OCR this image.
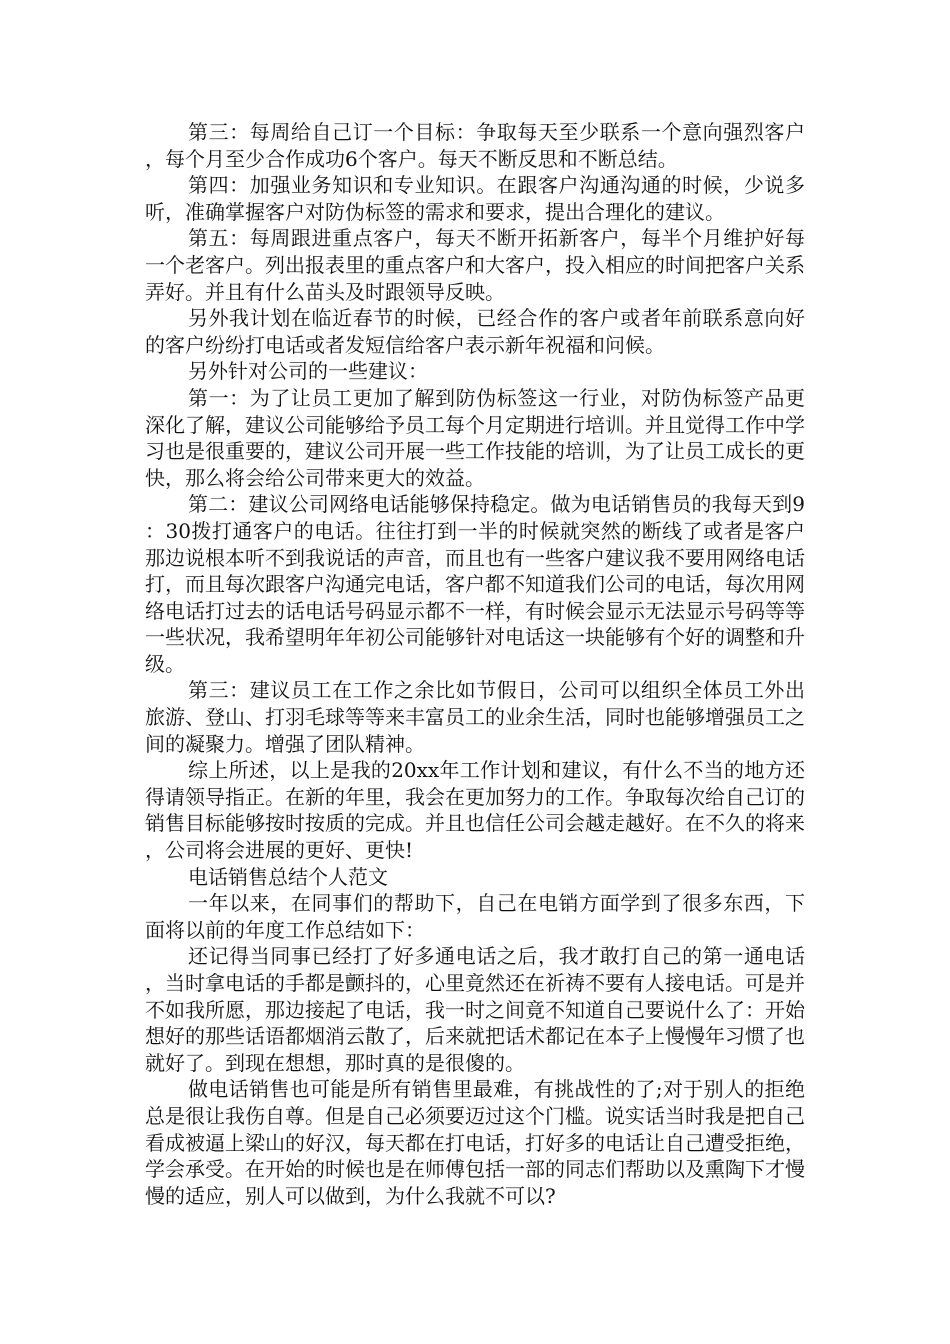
第三：每周给自己订一个目标：争取每天至少联系一个意向强烈客户，每个月至少合作成功6个客户。每天不断反思和不断总结。

第四：加强业务知识和专业知识。在跟客户沟通沟通的时候，少说多听，准确掌握客户对防伪标签的需求和要求，提出合理化的建议。

第五：每周跟进重点客户，每天不断开拓新客户，每半个月维护好每一个老客户。列出报表里的重点客户和大客户，投入相应的时间把客户关系弄好。并且有什么苗头及时跟领导反映。

另外我计划在临近春节的时候，已经合作的客户或者年前联系意向好的客户纷纷打电话或者发短信给客户表示新年祝福和问候。

另外针对公司的一些建议：

第一：为了让员工更加了解到防伪标签这一行业，对防伪标签产品更深化了解，建议公司能够给予员工每个月定期进行培训。并且觉得工作中学习也是很重要的，建议公司开展一些工作技能的培训，为了让员工成长的更快，那么将会给公司带来更大的效益。

第二：建议公司网络电话能够保持稳定。做为电话销售员的我每天到9：30拨打通客户的电话。往往打到一半的时候就突然的断线了或者是客户那边说根本听不到我说话的声音，而且也有一些客户建议我不要用网络电话打，而且每次跟客户沟通完电话，客户都不知道我们公司的电话，每次用网络电话打过去的话电话号码显示都不一样，有时候会显示无法显示号码等等一些状况，我希望明年年初公司能够针对电话这一块能够有个好的调整和升级。

第三：建议员工在工作之余比如节假日，公司可以组织全体员工外出旅游、登山、打羽毛球等等来丰富员工的业余生活，同时也能够增强员工之间的凝聚力。增强了团队精神。

综上所述，以上是我的20xx年工作计划和建议，有什么不当的地方还得请领导指正。在新的年里，我会在更加努力的工作。争取每次给自己订的销售目标能够按时按质的完成。并且也信任公司会越走越好。在不久的将来，公司将会进展的更好、更快!

电话销售总结个人范文

一年以来，在同事们的帮助下，自己在电销方面学到了很多东西，下面将以前的年度工作总结如下：

还记得当同事已经打了好多通电话之后，我才敢打自己的第一通电话，当时拿电话的手都是颤抖的，心里竟然还在祈祷不要有人接电话。可是并不如我所愿，那边接起了电话，我一时之间竟不知道自己要说什么了：开始想好的那些话语都烟消云散了，后来就把话术都记在本子上慢慢年习惯了也就好了。到现在想想，那时真的是很傻的。

做电话销售也可能是所有销售里最难，有挑战性的了;对于别人的拒绝总是很让我伤自尊。但是自己必须要迈过这个门槛。说实话当时我是把自己看成被逼上梁山的好汉，每天都在打电话，打好多的电话让自己遭受拒绝，学会承受。在开始的时候也是在师傅包括一部的同志们帮助以及熏陶下才慢慢的适应，别人可以做到，为什么我就不可以?
